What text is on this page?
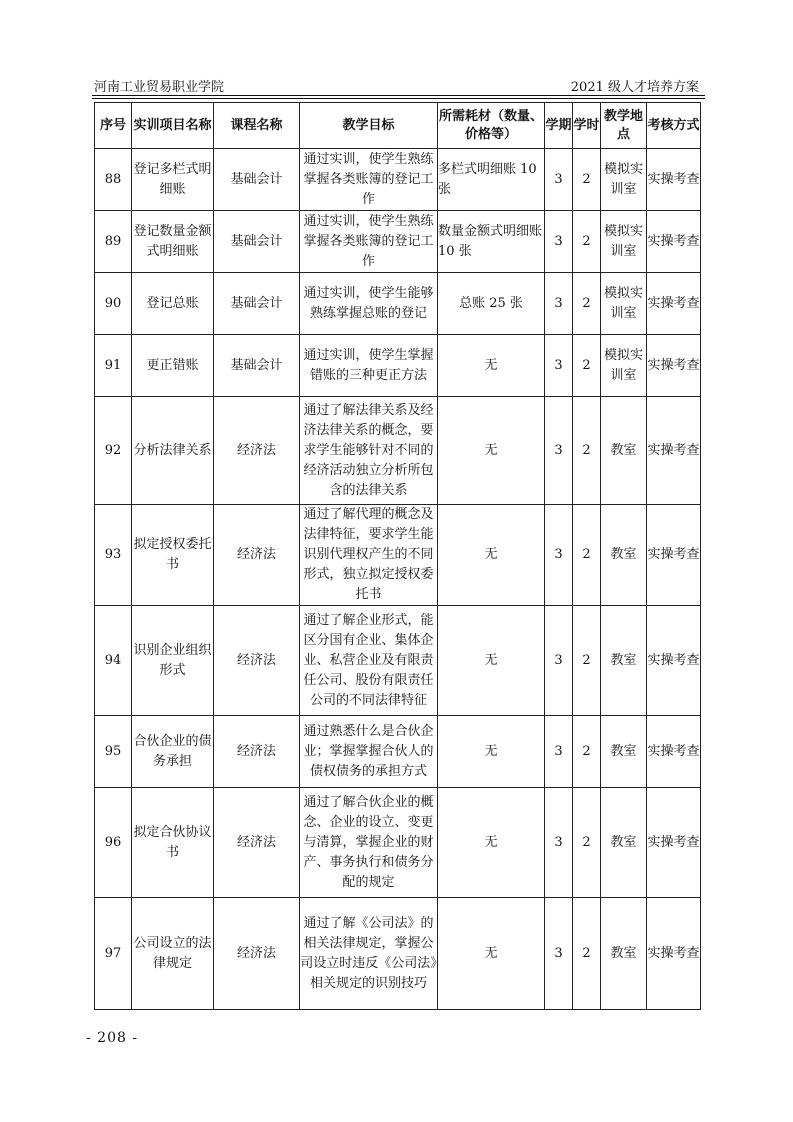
河南工业贸易职业学院	2021 级人才培养方案
序号	实训项目名称	课程名称	教学目标	所需耗材（数量、价格等）	学期	学时	教学地点	考核方式
88	登记多栏式明细账	基础会计	通过实训，使学生熟练掌握各类账簿的登记工作	多栏式明细账 10 张	3	2	模拟实训室	实操考查
89	登记数量金额式明细账	基础会计	通过实训，使学生熟练掌握各类账簿的登记工作	数量金额式明细账 10 张	3	2	模拟实训室	实操考查
90	登记总账	基础会计	通过实训，使学生能够熟练掌握总账的登记	总账 25 张	3	2	模拟实训室	实操考查
91	更正错账	基础会计	通过实训，使学生掌握错账的三种更正方法	无	3	2	模拟实训室	实操考查
92	分析法律关系	经济法	通过了解法律关系及经济法律关系的概念，要求学生能够针对不同的经济活动独立分析所包含的法律关系	无	3	2	教室	实操考查
93	拟定授权委托书	经济法	通过了解代理的概念及法律特征，要求学生能识别代理权产生的不同形式，独立拟定授权委托书	无	3	2	教室	实操考查
94	识别企业组织形式	经济法	通过了解企业形式，能区分国有企业、集体企业、私营企业及有限责任公司、股份有限责任公司的不同法律特征	无	3	2	教室	实操考查
95	合伙企业的债务承担	经济法	通过熟悉什么是合伙企业；掌握掌握合伙人的债权债务的承担方式	无	3	2	教室	实操考查
96	拟定合伙协议书	经济法	通过了解合伙企业的概念、企业的设立、变更与清算，掌握企业的财产、事务执行和债务分配的规定	无	3	2	教室	实操考查
97	公司设立的法律规定	经济法	通过了解《公司法》的相关法律规定，掌握公司设立时违反《公司法》相关规定的识别技巧	无	3	2	教室	实操考查
- 208 -
